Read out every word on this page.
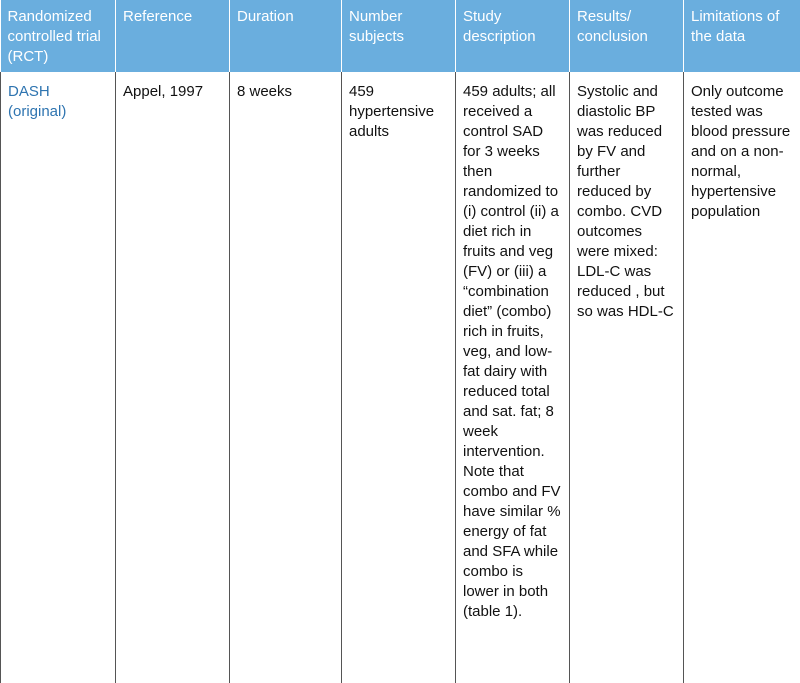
Randomized controlled trial (RCT)	Reference	Duration	Number subjects	Study description	Results/ conclusion	Limitations of the data
DASH (original)	Appel, 1997	8 weeks	459 hypertensive adults	459 adults; all received a control SAD for 3 weeks then randomized to (i) control (ii) a diet rich in fruits and veg (FV) or (iii) a “combination diet” (combo) rich in fruits, veg, and low-fat dairy with reduced total and sat. fat; 8 week intervention. Note that combo and FV have similar % energy of fat and SFA while combo is lower in both (table 1).	Systolic and diastolic BP was reduced by FV and further reduced by combo. CVD outcomes were mixed: LDL-C was reduced , but so was HDL-C	Only outcome tested was blood pressure and on a non-normal, hypertensive population
